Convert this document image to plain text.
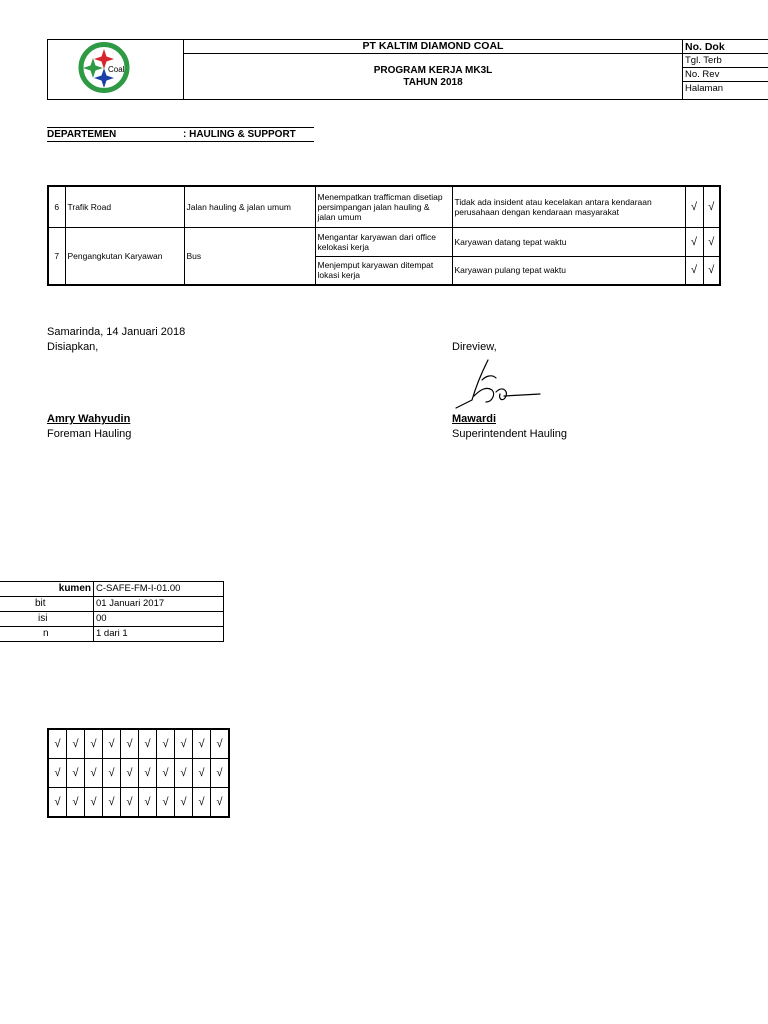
Coal
PT KALTIM DIAMOND COAL
PROGRAM KERJA MK3L
TAHUN 2018
No. Dok
Tgl. Terb
No. Rev
Halaman
DEPARTEMEN	: HAULING & SUPPORT
6	Trafik Road	Jalan hauling & jalan umum	Menempatkan trafficman disetiap persimpangan jalan hauling & jalan umum	Tidak ada insident atau kecelakan antara kendaraan perusahaan dengan kendaraan masyarakat	√	√
7	Pengangkutan Karyawan	Bus	Mengantar karyawan dari office kelokasi kerja	Karyawan datang tepat waktu	√	√
			Menjemput karyawan ditempat lokasi kerja	Karyawan pulang tepat waktu	√	√
Samarinda, 14 Januari 2018
Disiapkan,	Direview,
Amry Wahyudin
Foreman Hauling
Mawardi
Superintendent Hauling
kumen	C-SAFE-FM-I-01.00
bit	01 Januari 2017
isi	00
n	1 dari 1
√	√	√	√	√	√	√	√	√	√
√	√	√	√	√	√	√	√	√	√
√	√	√	√	√	√	√	√	√	√
